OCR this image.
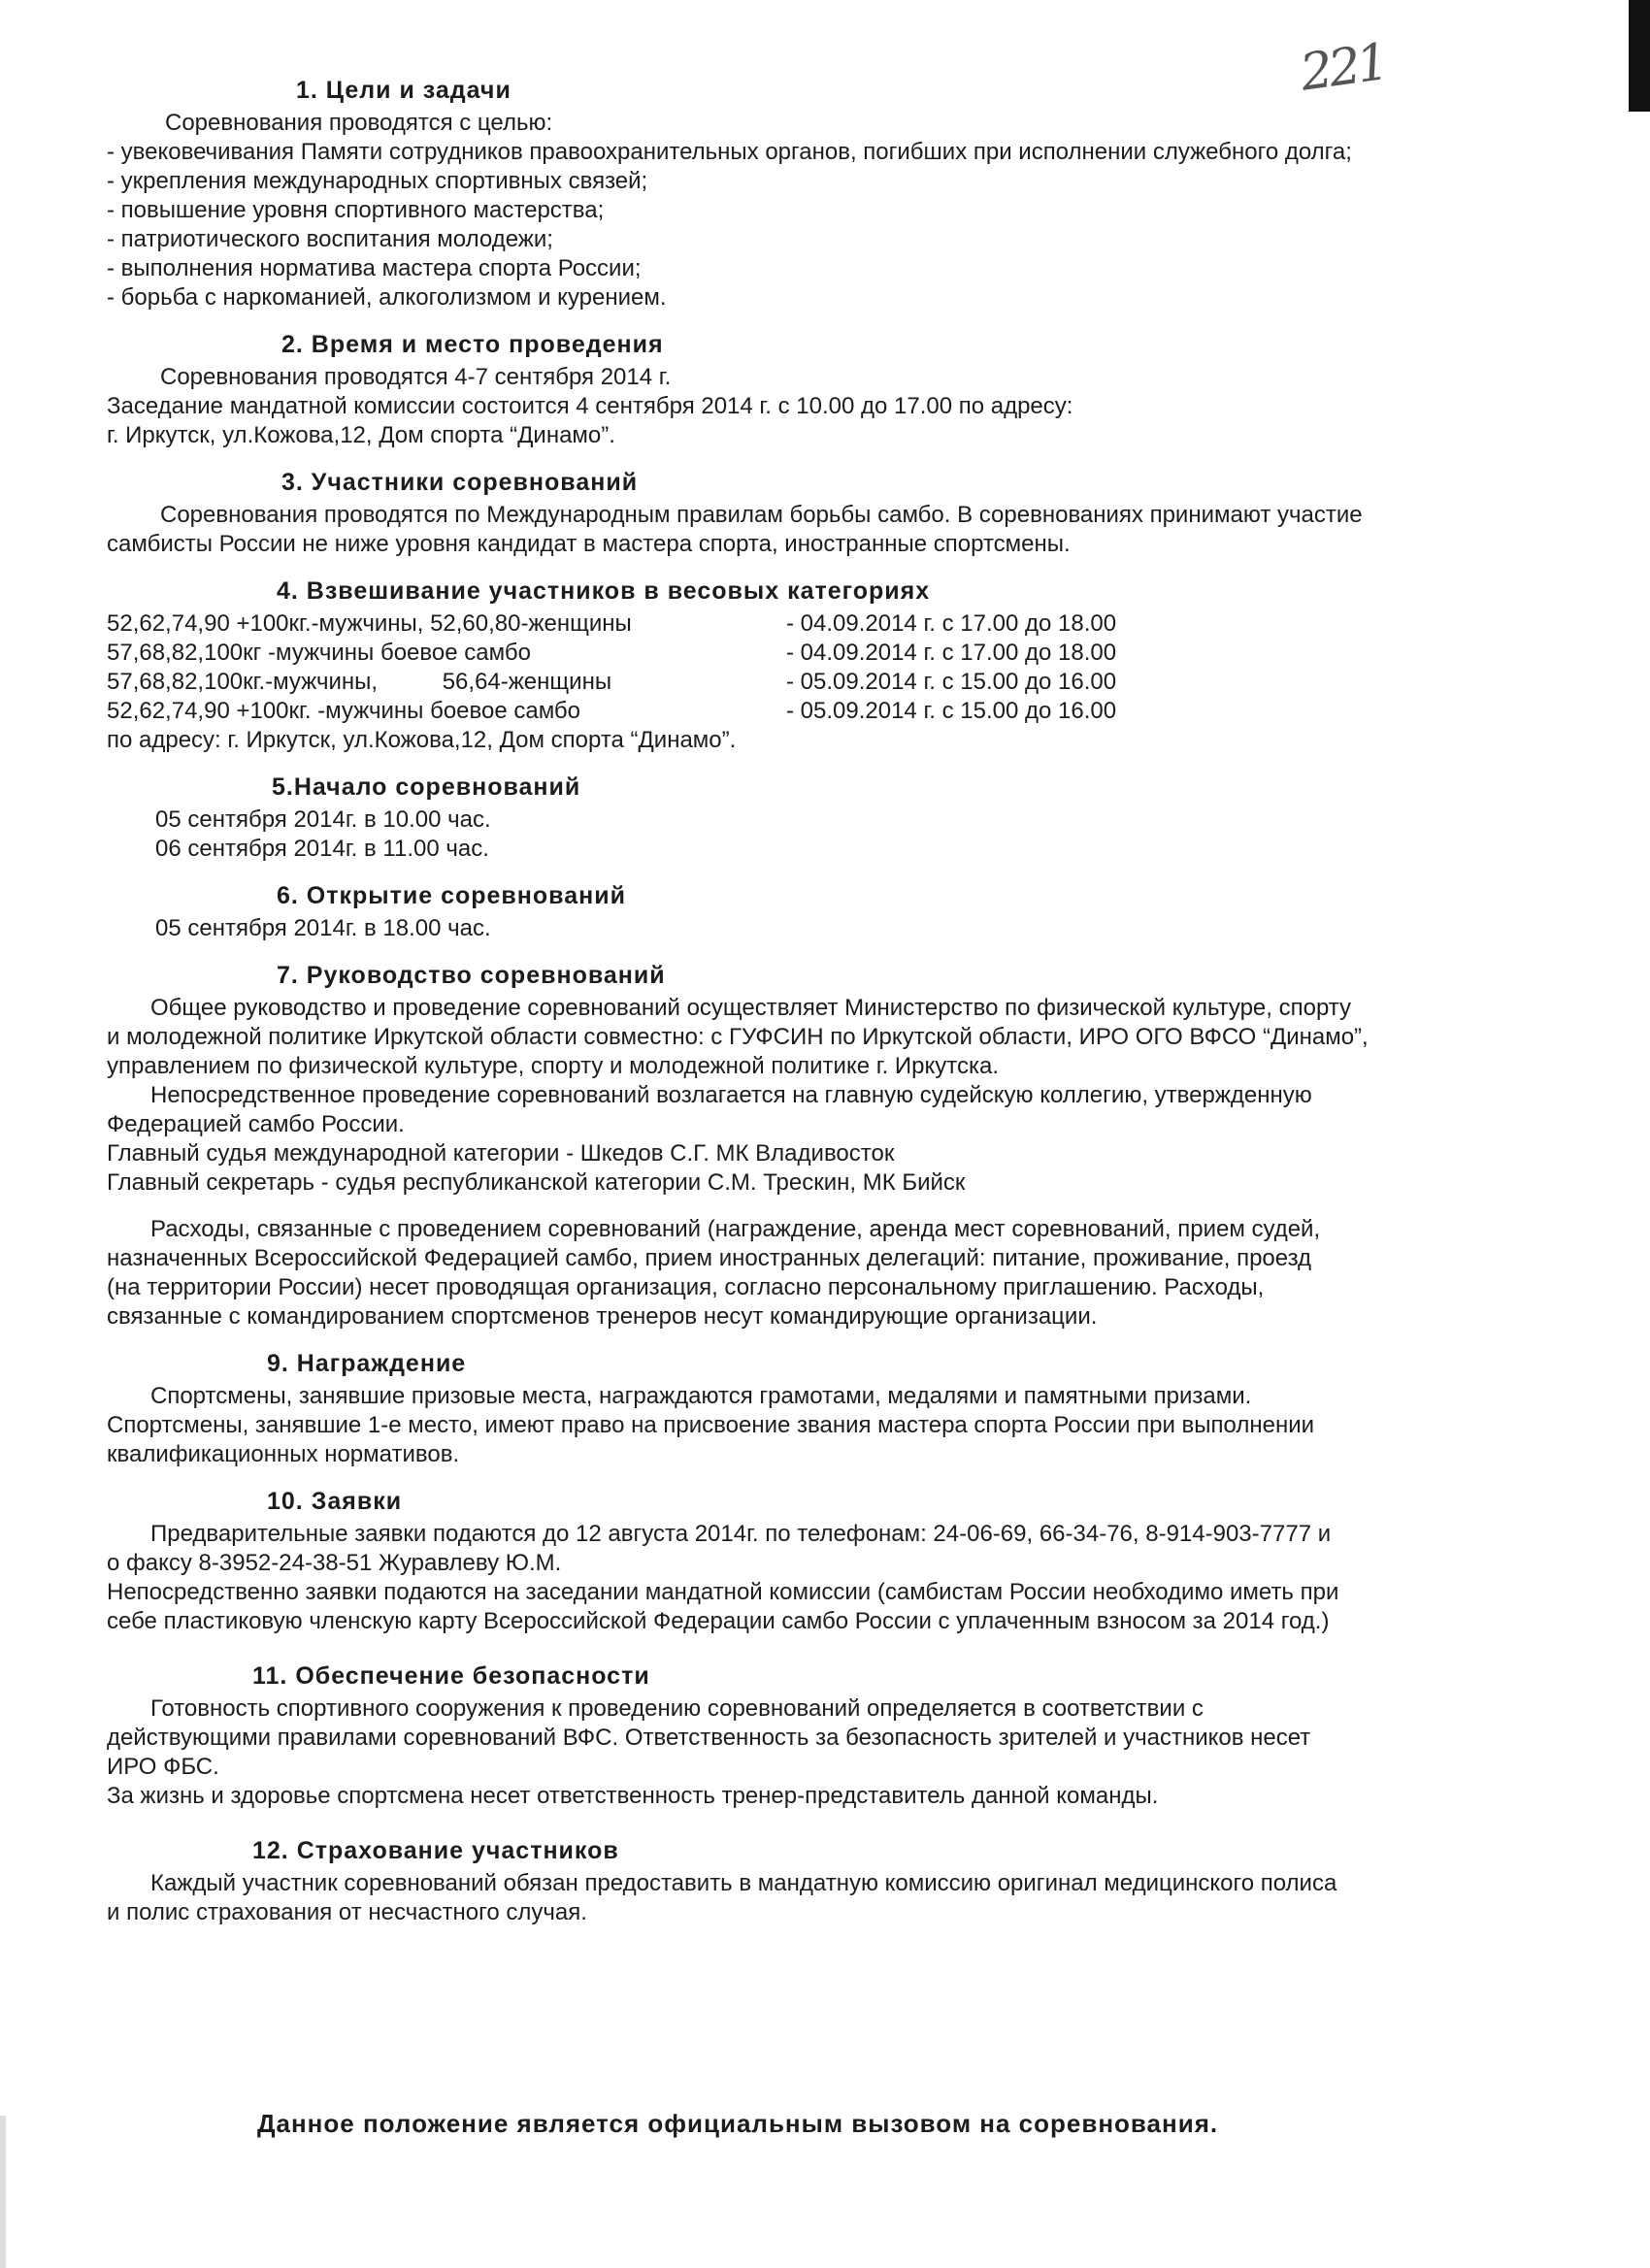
221
1. Цели и задачи

Соревнования проводятся с целью:

- увековечивания Памяти сотрудников правоохранительных органов, погибших при исполнении служебного долга;

- укрепления международных спортивных связей;

- повышение уровня спортивного мастерства;

- патриотического воспитания молодежи;

- выполнения норматива мастера спорта России;

- борьба с наркоманией, алкоголизмом и курением.

2. Время и место проведения

Соревнования проводятся 4-7 сентября 2014 г.

Заседание мандатной комиссии состоится 4 сентября 2014 г. с 10.00 до 17.00 по адресу:

г. Иркутск, ул.Кожова,12, Дом спорта “Динамо”.

3. Участники соревнований

Соревнования проводятся по Международным правилам борьбы самбо. В соревнованиях принимают участие

самбисты России не ниже уровня кандидат в мастера спорта, иностранные спортсмены.

4. Взвешивание участников в весовых категориях
52,62,74,90 +100кг.-мужчины, 52,60,80-женщины	- 04.09.2014 г. с 17.00 до 18.00
57,68,82,100кг -мужчины боевое самбо	- 04.09.2014 г. с 17.00 до 18.00
57,68,82,100кг.-мужчины,          56,64-женщины	- 05.09.2014 г. с 15.00 до 16.00
52,62,74,90 +100кг. -мужчины боевое самбо	- 05.09.2014 г. с 15.00 до 16.00

по адресу: г. Иркутск, ул.Кожова,12, Дом спорта “Динамо”.

5.Начало соревнований

05 сентября 2014г. в 10.00 час.

06 сентября 2014г. в 11.00 час.

6. Открытие соревнований

05 сентября 2014г. в 18.00 час.

7. Руководство соревнований

Общее руководство и проведение соревнований осуществляет Министерство по физической культуре, спорту

и молодежной политике Иркутской области совместно: с ГУФСИН по Иркутской области, ИРО ОГО ВФСО “Динамо”,

управлением по физической культуре, спорту и молодежной политике г. Иркутска.

Непосредственное проведение соревнований возлагается на главную судейскую коллегию, утвержденную

Федерацией самбо России.

Главный судья международной категории - Шкедов С.Г. МК Владивосток

Главный секретарь - судья республиканской категории С.М. Трескин, МК Бийск

Расходы, связанные с проведением соревнований (награждение, аренда мест соревнований, прием судей,

назначенных Всероссийской Федерацией самбо, прием иностранных делегаций: питание, проживание, проезд

(на территории России) несет проводящая организация, согласно персональному приглашению. Расходы,

связанные с командированием спортсменов тренеров несут командирующие организации.

9. Награждение

Спортсмены, занявшие призовые места, награждаются грамотами, медалями и памятными призами.

Спортсмены, занявшие 1-е место, имеют право на присвоение звания мастера спорта России при выполнении

квалификационных нормативов.

10. Заявки

Предварительные заявки подаются до 12 августа 2014г. по телефонам: 24-06-69, 66-34-76, 8-914-903-7777 и

о факсу 8-3952-24-38-51 Журавлеву Ю.М.

Непосредственно заявки подаются на заседании мандатной комиссии (самбистам России необходимо иметь при

себе пластиковую членскую карту Всероссийской Федерации самбо России с уплаченным взносом за 2014 год.)

11. Обеспечение безопасности

Готовность спортивного сооружения к проведению соревнований определяется в соответствии с

действующими правилами соревнований ВФС. Ответственность за безопасность зрителей и участников несет

ИРО ФБС.

За жизнь и здоровье спортсмена несет ответственность тренер-представитель данной команды.

12. Страхование участников

Каждый участник соревнований обязан предоставить в мандатную комиссию оригинал медицинского полиса

и полис страхования от несчастного случая.

Данное положение является официальным вызовом на соревнования.
